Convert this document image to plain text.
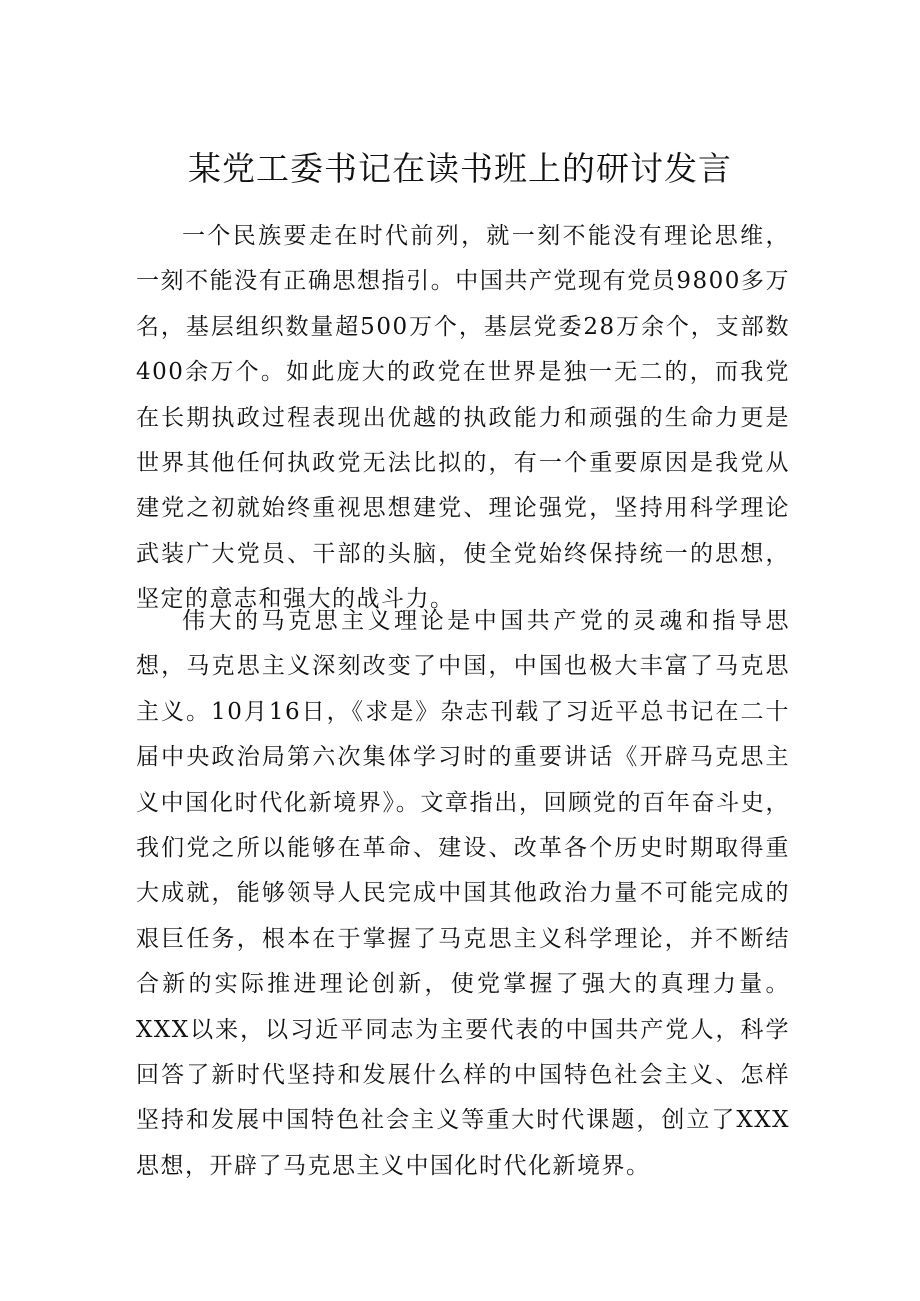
某党工委书记在读书班上的研讨发言

一个民族要走在时代前列，就一刻不能没有理论思维，一刻不能没有正确思想指引。中国共产党现有党员9800多万名，基层组织数量超500万个，基层党委28万余个，支部数400余万个。如此庞大的政党在世界是独一无二的，而我党在长期执政过程表现出优越的执政能力和顽强的生命力更是世界其他任何执政党无法比拟的，有一个重要原因是我党从建党之初就始终重视思想建党、理论强党，坚持用科学理论武装广大党员、干部的头脑，使全党始终保持统一的思想，坚定的意志和强大的战斗力。

伟大的马克思主义理论是中国共产党的灵魂和指导思想，马克思主义深刻改变了中国，中国也极大丰富了马克思主义。10月16日，《求是》杂志刊载了习近平总书记在二十届中央政治局第六次集体学习时的重要讲话《开辟马克思主义中国化时代化新境界》。文章指出，回顾党的百年奋斗史，我们党之所以能够在革命、建设、改革各个历史时期取得重大成就，能够领导人民完成中国其他政治力量不可能完成的艰巨任务，根本在于掌握了马克思主义科学理论，并不断结合新的实际推进理论创新，使党掌握了强大的真理力量。XXX以来，以习近平同志为主要代表的中国共产党人，科学回答了新时代坚持和发展什么样的中国特色社会主义、怎样坚持和发展中国特色社会主义等重大时代课题，创立了XXX思想，开辟了马克思主义中国化时代化新境界。
